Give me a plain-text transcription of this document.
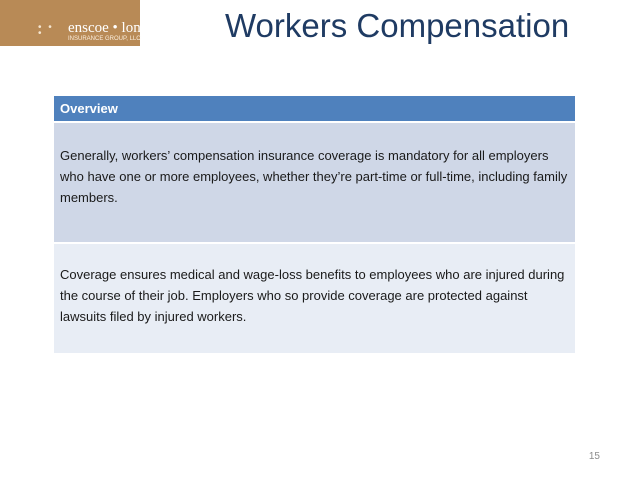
• • •	enscoe • long
INSURANCE GROUP, LLC	Workers Compensation
Overview
Generally, workers’ compensation insurance coverage is mandatory for all employers who have one or more employees, whether they’re part-time or full-time, including family members.
Coverage ensures medical and wage-loss benefits to employees who are injured during the course of their job. Employers who so provide coverage are protected against lawsuits filed by injured workers.
15
